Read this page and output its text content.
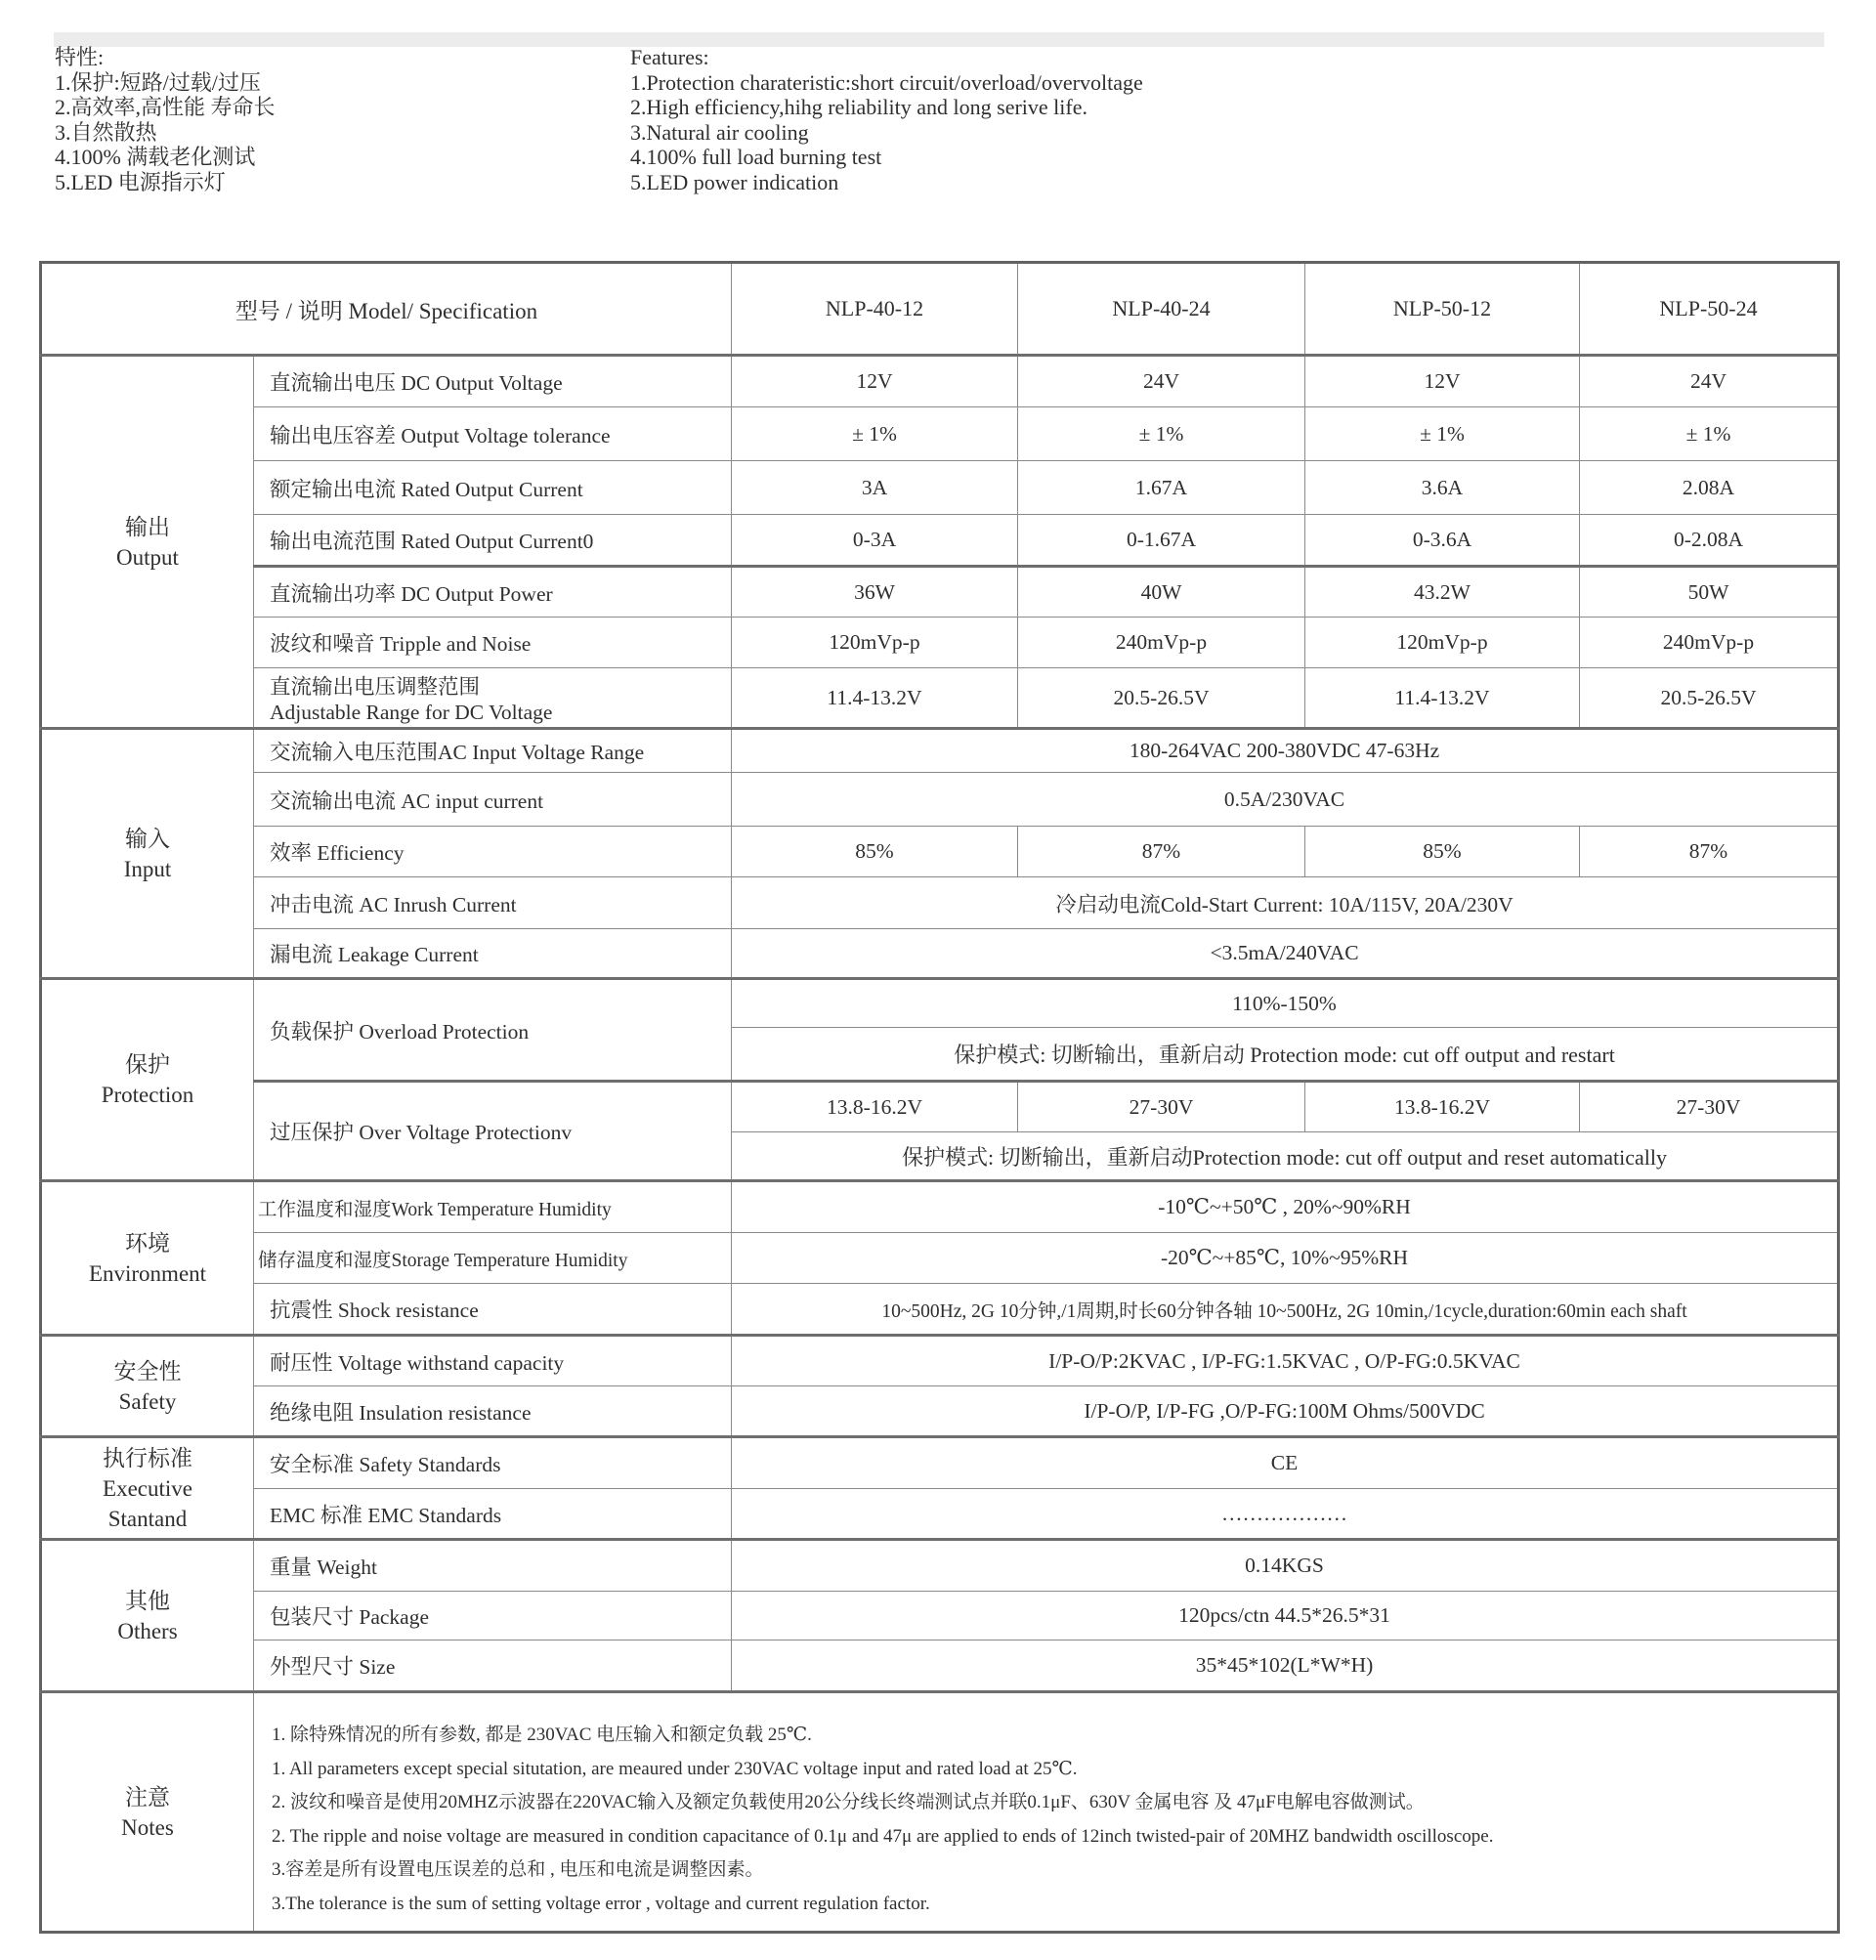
特性:
1.保护:短路/过载/过压
2.高效率,高性能 寿命长
3.自然散热
4.100% 满载老化测试
5.LED 电源指示灯
Features:
1.Protection charateristic:short circuit/overload/overvoltage
2.High efficiency,hihg reliability and long serive life.
3.Natural air cooling
4.100% full load burning test
5.LED power indication
型号 / 说明 Model/ Specification		NLP-40-12	NLP-40-24	NLP-50-12	NLP-50-24

输出
Output	直流输出电压 DC Output Voltage	12V	24V	12V	24V
	输出电压容差 Output Voltage tolerance	± 1%	± 1%	± 1%	± 1%
	额定输出电流 Rated Output Current	3A	1.67A	3.6A	2.08A
	输出电流范围 Rated Output Current0	0-3A	0-1.67A	0-3.6A	0-2.08A
	直流输出功率 DC Output Power	36W	40W	43.2W	50W
	波纹和噪音 Tripple and Noise	120mVp-p	240mVp-p	120mVp-p	240mVp-p

	直流输出电压调整范围
Adjustable Range for DC Voltage	11.4-13.2V	20.5-26.5V	11.4-13.2V	20.5-26.5V

输入
Input	交流输入电压范围AC Input Voltage Range	180-264VAC 200-380VDC 47-63Hz			
	交流输出电流 AC input current	0.5A/230VAC			
	效率 Efficiency	85%	87%	85%	87%
	冲击电流 AC Inrush Current	冷启动电流Cold-Start Current: 10A/115V, 20A/230V			
	漏电流 Leakage Current	<3.5mA/240VAC			

保护
Protection	负载保护 Overload Protection	110%-150%			
		保护模式: 切断输出，重新启动 Protection mode: cut off output and restart			
	过压保护 Over Voltage Protectionv	13.8-16.2V	27-30V	13.8-16.2V	27-30V
		保护模式: 切断输出，重新启动Protection mode: cut off output and reset automatically			

环境
Environment	工作温度和湿度Work Temperature Humidity	-10℃~+50℃ , 20%~90%RH			
	储存温度和湿度Storage Temperature Humidity	-20℃~+85℃, 10%~95%RH			
	抗震性 Shock resistance	10~500Hz, 2G 10分钟,/1周期,时长60分钟各轴 10~500Hz, 2G 10min,/1cycle,duration:60min each shaft			

安全性
Safety	耐压性 Voltage withstand capacity	I/P-O/P:2KVAC , I/P-FG:1.5KVAC , O/P-FG:0.5KVAC			
	绝缘电阻 Insulation resistance	I/P-O/P, I/P-FG ,O/P-FG:100M Ohms/500VDC			

执行标准
Executive
Stantand	安全标准 Safety Standards	CE			
	EMC 标准 EMC Standards	………………			

其他
Others	重量 Weight	0.14KGS			
	包装尺寸 Package	120pcs/ctn 44.5*26.5*31			
	外型尺寸 Size	35*45*102(L*W*H)			

注意
Notes

1. 除特殊情况的所有参数, 都是 230VAC 电压输入和额定负载 25℃.
1. All parameters except special situtation, are meaured under 230VAC voltage input and rated load at 25℃.
2. 波纹和噪音是使用20MHZ示波器在220VAC输入及额定负载使用20公分线长终端测试点并联0.1μF、630V 金属电容 及 47μF电解电容做测试。
2. The ripple and noise voltage are measured in condition capacitance of 0.1μ and 47μ are applied to ends of 12inch twisted-pair of 20MHZ bandwidth oscilloscope.
3.容差是所有设置电压误差的总和 , 电压和电流是调整因素。
3.The tolerance is the sum of setting voltage error , voltage and current regulation factor.
